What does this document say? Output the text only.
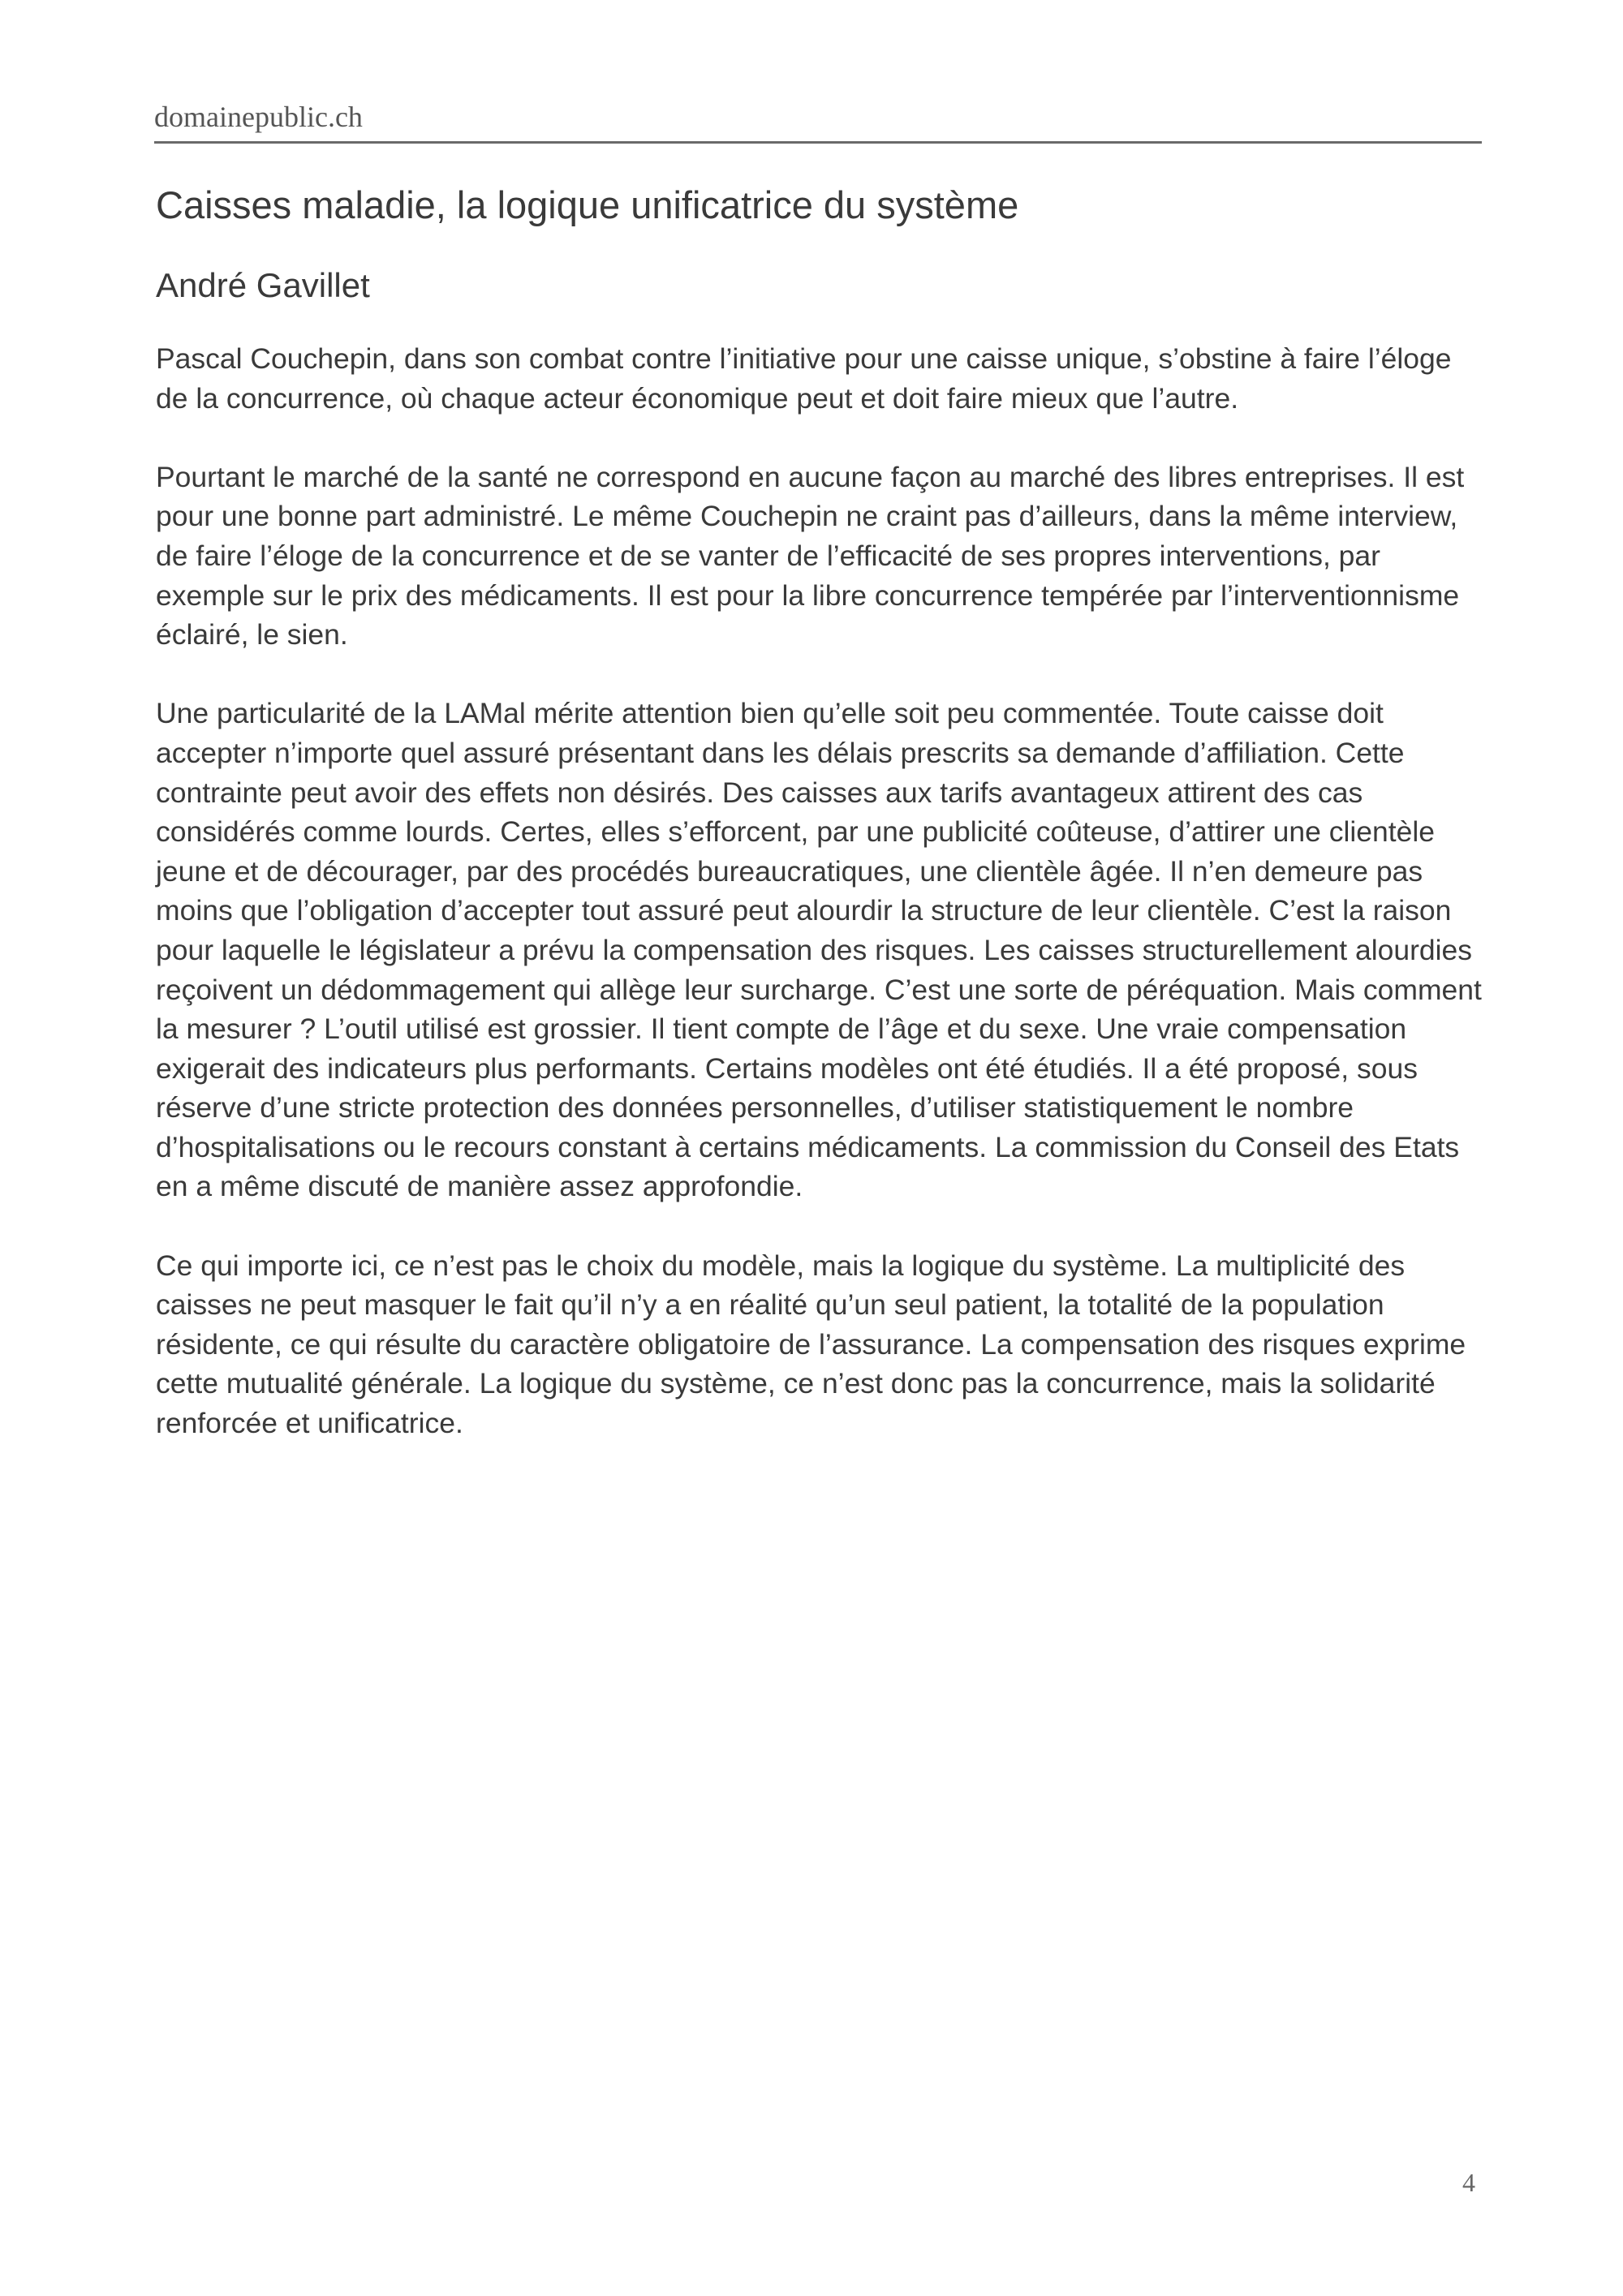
domainepublic.ch
Caisses maladie, la logique unificatrice du système
André Gavillet

Pascal Couchepin, dans son combat contre l’initiative pour une caisse unique, s’obstine à faire l’éloge de la concurrence, où chaque acteur économique peut et doit faire mieux que l’autre.

Pourtant le marché de la santé ne correspond en aucune façon au marché des libres entreprises. Il est pour une bonne part administré. Le même Couchepin ne craint pas d’ailleurs, dans la même interview, de faire l’éloge de la concurrence et de se vanter de l’efficacité de ses propres interventions, par exemple sur le prix des médicaments. Il est pour la libre concurrence tempérée par l’interventionnisme éclairé, le sien.

Une particularité de la LAMal mérite attention bien qu’elle soit peu commentée. Toute caisse doit accepter n’importe quel assuré présentant dans les délais prescrits sa demande d’affiliation. Cette contrainte peut avoir des effets non désirés. Des caisses aux tarifs avantageux attirent des cas considérés comme lourds. Certes, elles s’efforcent, par une publicité coûteuse, d’attirer une clientèle jeune et de décourager, par des procédés bureaucratiques, une clientèle âgée. Il n’en demeure pas moins que l’obligation d’accepter tout assuré peut alourdir la structure de leur clientèle. C’est la raison pour laquelle le législateur a prévu la compensation des risques. Les caisses structurellement alourdies reçoivent un dédommagement qui allège leur surcharge. C’est une sorte de péréquation. Mais comment la mesurer ? L’outil utilisé est grossier. Il tient compte de l’âge et du sexe. Une vraie compensation exigerait des indicateurs plus performants. Certains modèles ont été étudiés. Il a été proposé, sous réserve d’une stricte protection des données personnelles, d’utiliser statistiquement le nombre d’hospitalisations ou le recours constant à certains médicaments. La commission du Conseil des Etats en a même discuté de manière assez approfondie.

Ce qui importe ici, ce n’est pas le choix du modèle, mais la logique du système. La multiplicité des caisses ne peut masquer le fait qu’il n’y a en réalité qu’un seul patient, la totalité de la population résidente, ce qui résulte du caractère obligatoire de l’assurance. La compensation des risques exprime cette mutualité générale. La logique du système, ce n’est donc pas la concurrence, mais la solidarité renforcée et unificatrice.

4
